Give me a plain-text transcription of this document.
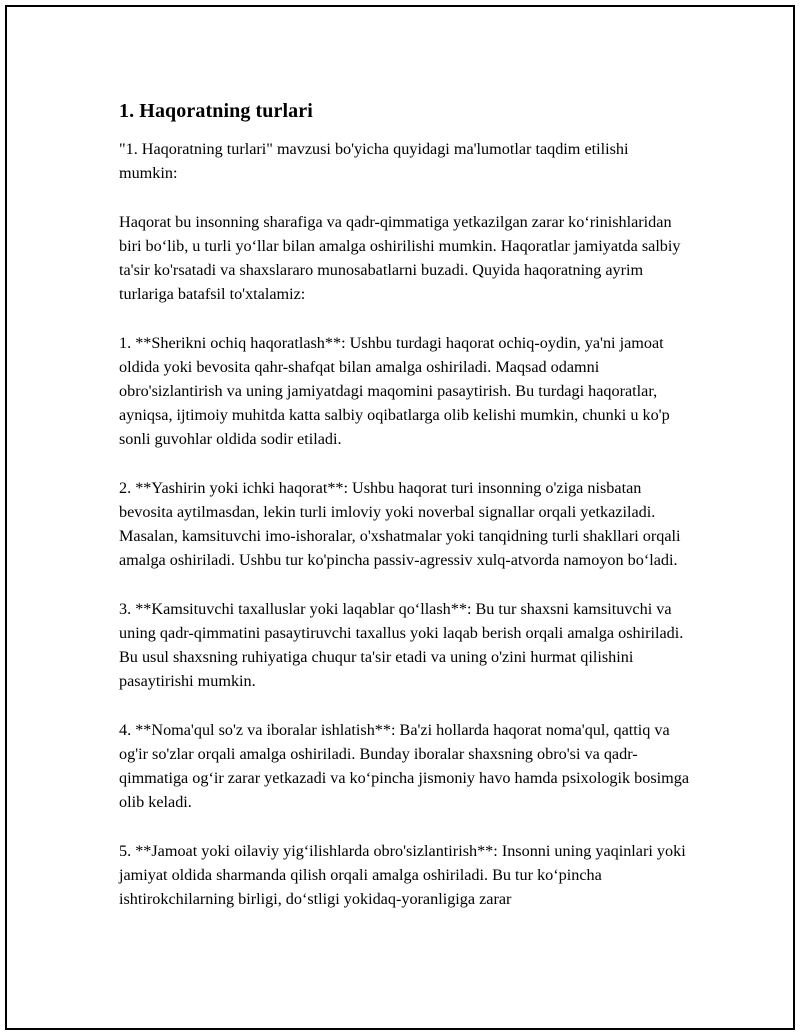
1. Haqoratning turlari

"1. Haqoratning turlari" mavzusi bo'yicha quyidagi ma'lumotlar taqdim etilishi mumkin:

Haqorat bu insonning sharafiga va qadr-qimmatiga yetkazilgan zarar ko‘rinishlaridan biri bo‘lib, u turli yo‘llar bilan amalga oshirilishi mumkin. Haqoratlar jamiyatda salbiy ta'sir ko'rsatadi va shaxslararo munosabatlarni buzadi. Quyida haqoratning ayrim turlariga batafsil to'xtalamiz:

1. **Sherikni ochiq haqoratlash**: Ushbu turdagi haqorat ochiq-oydin, ya'ni jamoat oldida yoki bevosita qahr-shafqat bilan amalga oshiriladi. Maqsad odamni obro'sizlantirish va uning jamiyatdagi maqomini pasaytirish. Bu turdagi haqoratlar, ayniqsa, ijtimoiy muhitda katta salbiy oqibatlarga olib kelishi mumkin, chunki u ko'p sonli guvohlar oldida sodir etiladi.

2. **Yashirin yoki ichki haqorat**: Ushbu haqorat turi insonning o'ziga nisbatan bevosita aytilmasdan, lekin turli imloviy yoki noverbal signallar orqali yetkaziladi. Masalan, kamsituvchi imo-ishoralar, o'xshatmalar yoki tanqidning turli shakllari orqali amalga oshiriladi. Ushbu tur ko'pincha passiv-agressiv xulq-atvorda namoyon bo‘ladi.

3. **Kamsituvchi taxalluslar yoki laqablar qo‘llash**: Bu tur shaxsni kamsituvchi va uning qadr-qimmatini pasaytiruvchi taxallus yoki laqab berish orqali amalga oshiriladi. Bu usul shaxsning ruhiyatiga chuqur ta'sir etadi va uning o'zini hurmat qilishini pasaytirishi mumkin.

4. **Noma'qul so'z va iboralar ishlatish**: Ba'zi hollarda haqorat noma'qul, qattiq va og'ir so'zlar orqali amalga oshiriladi. Bunday iboralar shaxsning obro'si va qadr-qimmatiga og‘ir zarar yetkazadi va ko‘pincha jismoniy havo hamda psixologik bosimga olib keladi.

5. **Jamoat yoki oilaviy yig‘ilishlarda obro'sizlantirish**: Insonni uning yaqinlari yoki jamiyat oldida sharmanda qilish orqali amalga oshiriladi. Bu tur ko‘pincha ishtirokchilarning birligi, do‘stligi yokidaq-yoranligiga zarar
